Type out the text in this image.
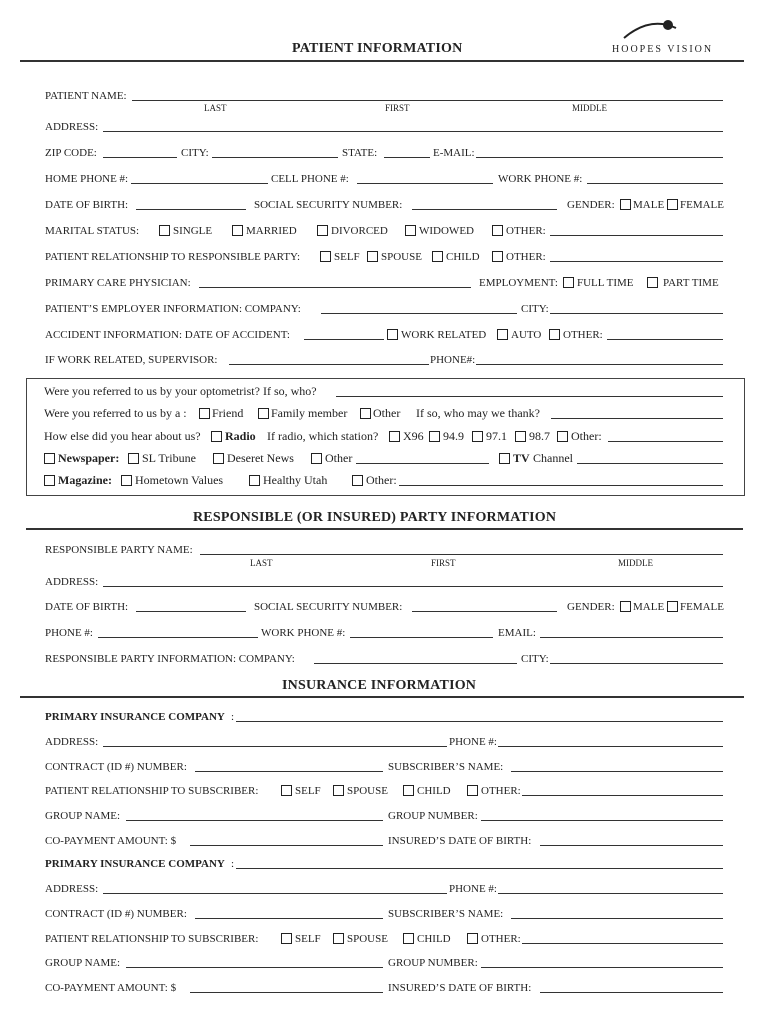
PATIENT INFORMATION	HOOPES VISION
PATIENT NAME:
LAST	FIRST	MIDDLE
ADDRESS:
ZIP CODE:	CITY:	STATE:	E-MAIL:
HOME PHONE #:	CELL PHONE #:	WORK PHONE #:
DATE OF BIRTH:	SOCIAL SECURITY NUMBER:	GENDER: MALE FEMALE
MARITAL STATUS:	SINGLE	MARRIED	DIVORCED	WIDOWED	OTHER:
PATIENT RELATIONSHIP TO RESPONSIBLE PARTY:	SELF SPOUSE CHILD OTHER:
PRIMARY CARE PHYSICIAN:	EMPLOYMENT: FULL TIME	PART TIME
PATIENT’S EMPLOYER INFORMATION: COMPANY:	CITY:
ACCIDENT INFORMATION: DATE OF ACCIDENT:	WORK RELATED AUTO OTHER:
IF WORK RELATED, SUPERVISOR:	PHONE#:
Were you referred to us by your optometrist? If so, who?
Were you referred to us by a : Friend Family member Other If so, who may we thank?
How else did you hear about us? Radio If radio, which station? X96 94.9 97.1 98.7 Other:
Newspaper: SL Tribune	Deseret News	Other	TV Channel
Magazine: Hometown Values	Healthy Utah	Other:
RESPONSIBLE (OR INSURED) PARTY INFORMATION
RESPONSIBLE PARTY NAME:
LAST	FIRST	MIDDLE
ADDRESS:
DATE OF BIRTH:	SOCIAL SECURITY NUMBER:	GENDER: MALE FEMALE
PHONE #:	WORK PHONE #:	EMAIL:
RESPONSIBLE PARTY INFORMATION: COMPANY:	CITY:
INSURANCE INFORMATION
PRIMARY INSURANCE COMPANY :
ADDRESS:	PHONE #:
CONTRACT (ID #) NUMBER:	SUBSCRIBER’S NAME:
PATIENT RELATIONSHIP TO SUBSCRIBER:	SELF SPOUSE	CHILD	OTHER:
GROUP NAME:	GROUP NUMBER:
CO-PAYMENT AMOUNT: $	INSURED’S DATE OF BIRTH:
PRIMARY INSURANCE COMPANY :
ADDRESS:	PHONE #:
CONTRACT (ID #) NUMBER:	SUBSCRIBER’S NAME:
PATIENT RELATIONSHIP TO SUBSCRIBER:	SELF SPOUSE	CHILD	OTHER:
GROUP NAME:	GROUP NUMBER:
CO-PAYMENT AMOUNT: $	INSURED’S DATE OF BIRTH:
